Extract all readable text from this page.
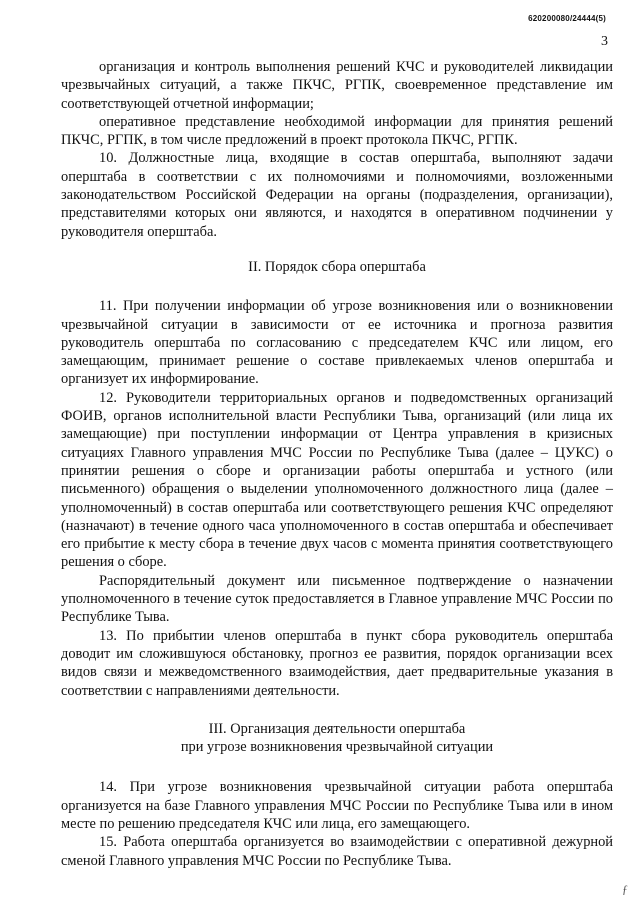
620200080/24444(5)
3

организация и контроль выполнения решений КЧС и руководителей ликвидации чрезвычайных ситуаций, а также ПКЧС, РГПК, своевременное представление им соответствующей отчетной информации;

оперативное представление необходимой информации для принятия решений ПКЧС, РГПК, в том числе предложений в проект протокола ПКЧС, РГПК.

10. Должностные лица, входящие в состав оперштаба, выполняют задачи оперштаба в соответствии с их полномочиями и полномочиями, возложенными законодательством Российской Федерации на органы (подразделения, организации), представителями которых они являются, и находятся в оперативном подчинении у руководителя оперштаба.

II. Порядок сбора оперштаба

11. При получении информации об угрозе возникновения или о возникновении чрезвычайной ситуации в зависимости от ее источника и прогноза развития руководитель оперштаба по согласованию с председателем КЧС или лицом, его замещающим, принимает решение о составе привлекаемых членов оперштаба и организует их информирование.

12. Руководители территориальных органов и подведомственных организаций ФОИВ, органов исполнительной власти Республики Тыва, организаций (или лица их замещающие) при поступлении информации от Центра управления в кризисных ситуациях Главного управления МЧС России по Республике Тыва (далее – ЦУКС) о принятии решения о сборе и организации работы оперштаба и устного (или письменного) обращения о выделении уполномоченного должностного лица (далее – уполномоченный) в состав оперштаба или соответствующего решения КЧС определяют (назначают) в течение одного часа уполномоченного в состав оперштаба и обеспечивает его прибытие к месту сбора в течение двух часов с момента принятия соответствующего решения о сборе.

Распорядительный документ или письменное подтверждение о назначении уполномоченного в течение суток предоставляется в Главное управление МЧС России по Республике Тыва.

13. По прибытии членов оперштаба в пункт сбора руководитель оперштаба доводит им сложившуюся обстановку, прогноз ее развития, порядок организации всех видов связи и межведомственного взаимодействия, дает предварительные указания в соответствии с направлениями деятельности.

III. Организация деятельности оперштаба
при угрозе возникновения чрезвычайной ситуации

14. При угрозе возникновения чрезвычайной ситуации работа оперштаба организуется на базе Главного управления МЧС России по Республике Тыва или в ином месте по решению председателя КЧС или лица, его замещающего.

15. Работа оперштаба организуется во взаимодействии с оперативной дежурной сменой Главного управления МЧС России по Республике Тыва.

ƒ
